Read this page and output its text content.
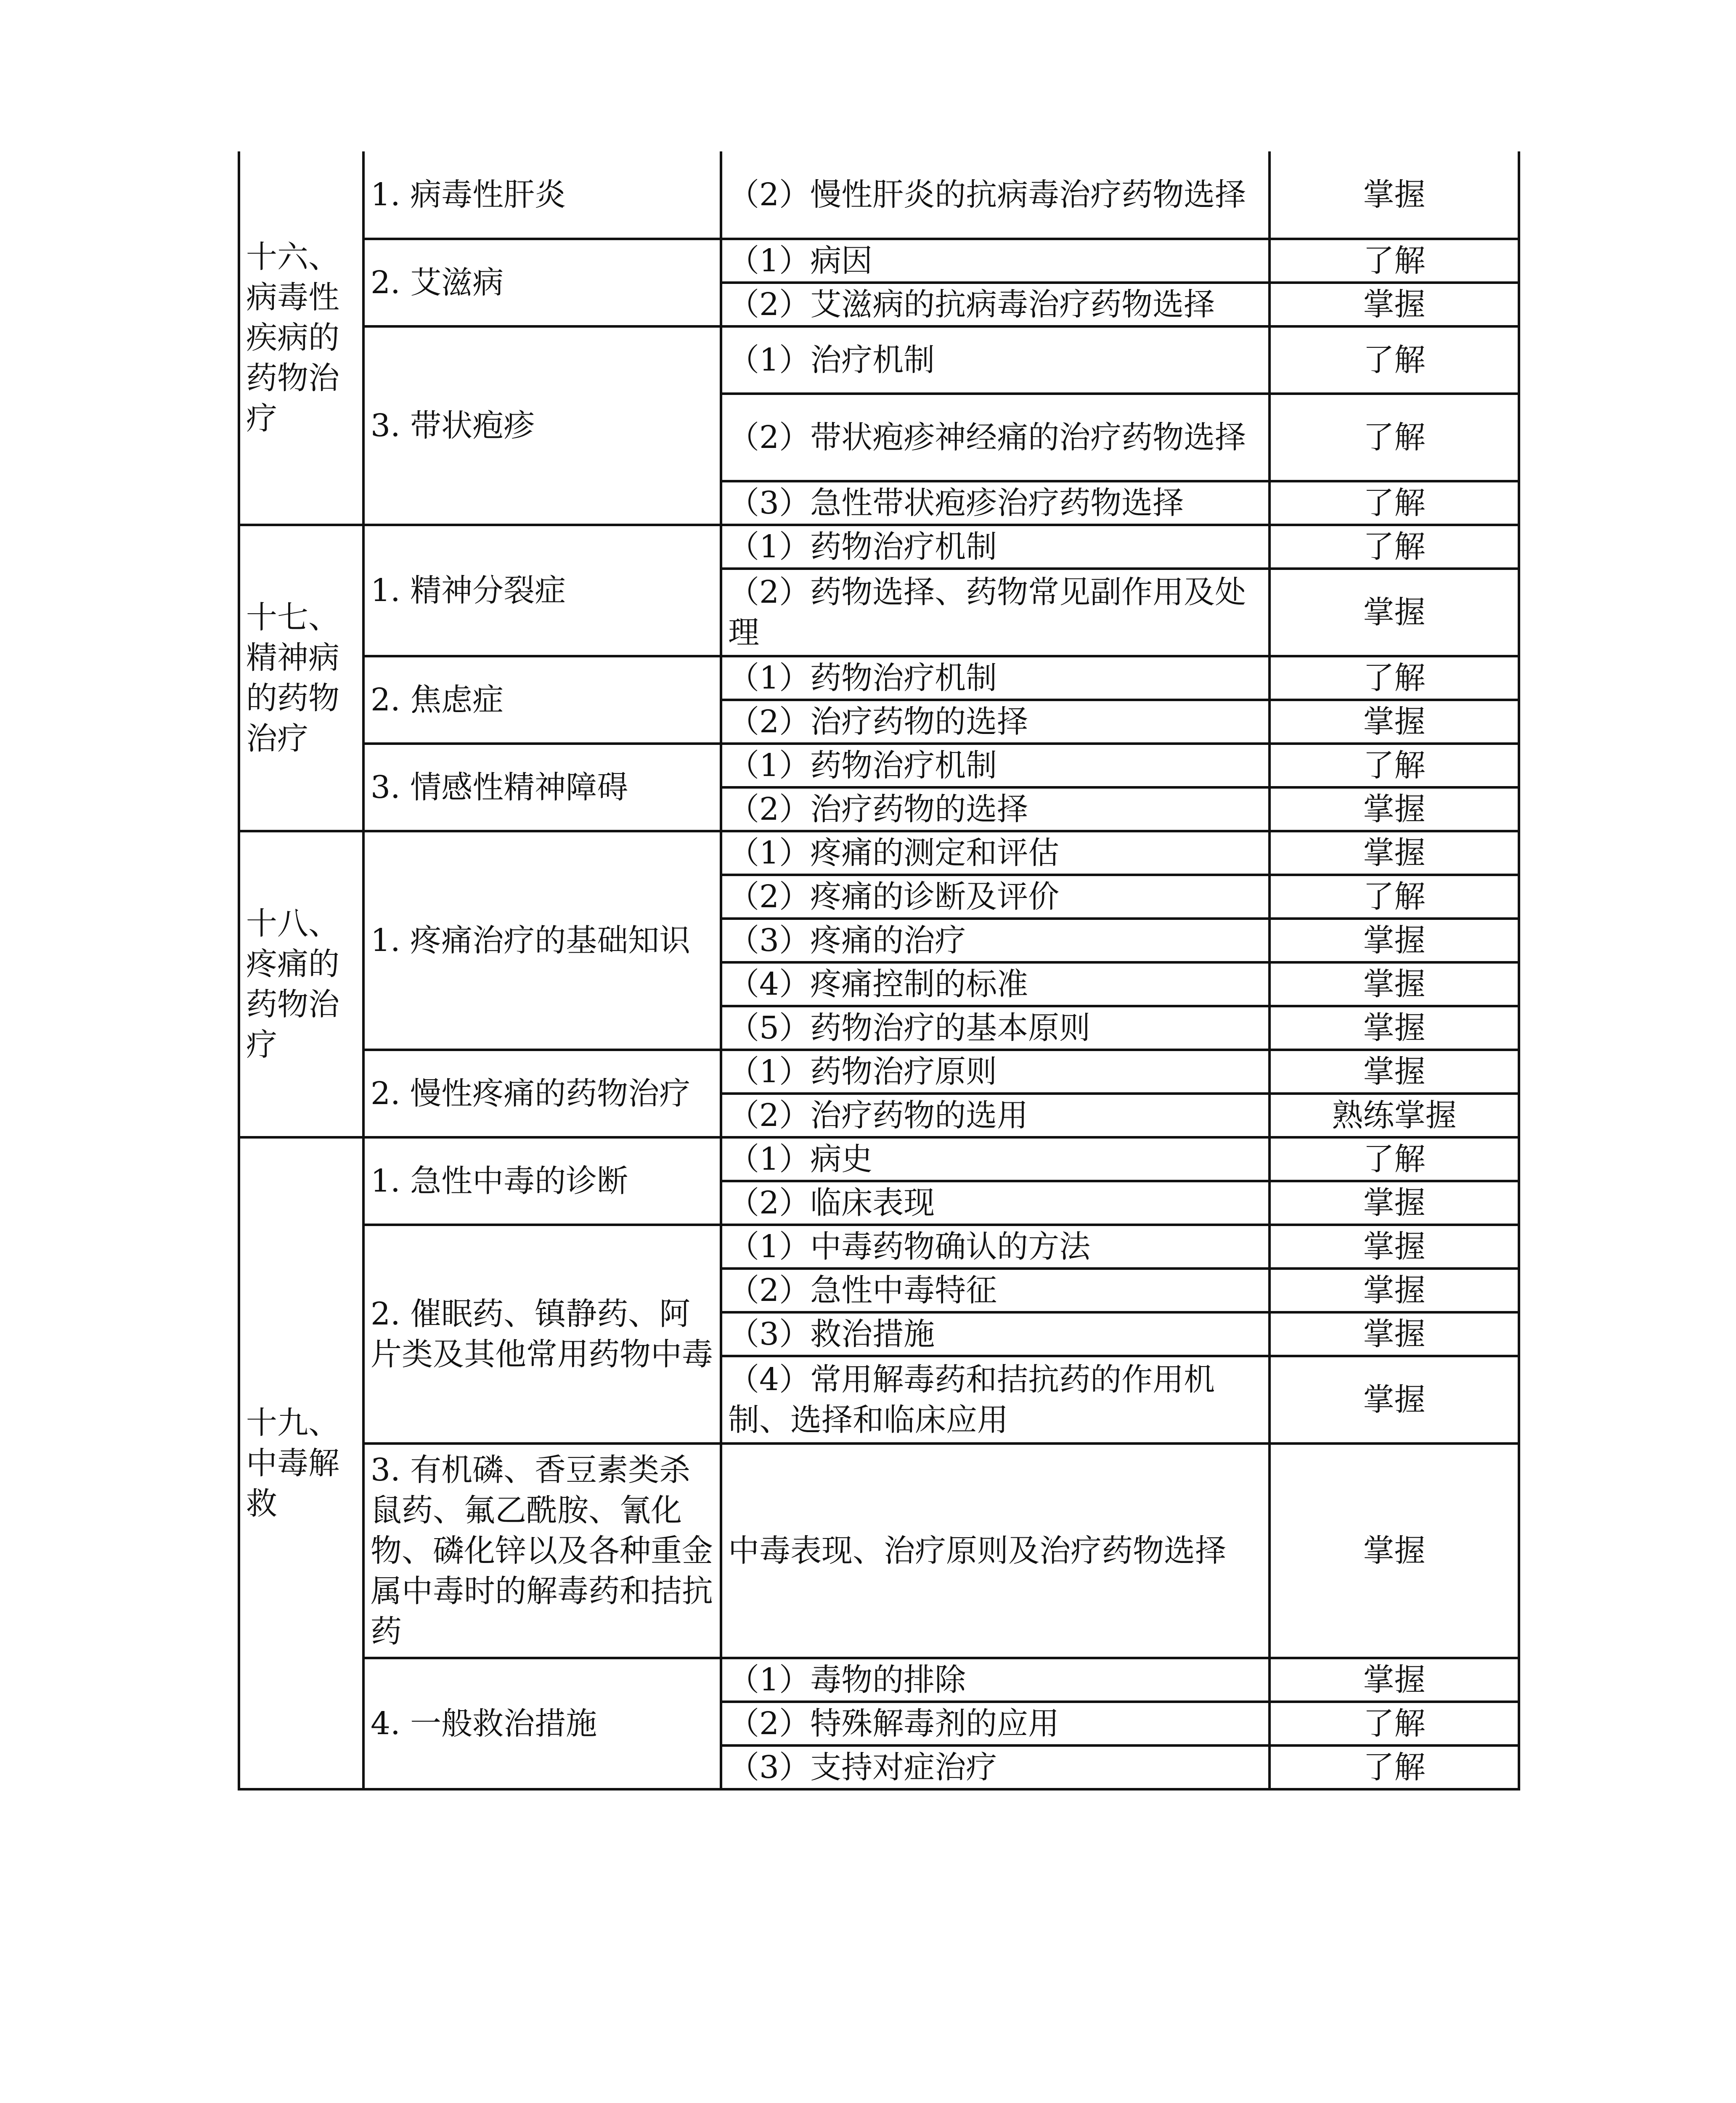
十六、病毒性疾病的药物治疗	1. 病毒性肝炎	（2）慢性肝炎的抗病毒治疗药物选择	掌握
	2. 艾滋病	（1）病因	了解
		（2）艾滋病的抗病毒治疗药物选择	掌握
	3. 带状疱疹	（1）治疗机制	了解
		（2）带状疱疹神经痛的治疗药物选择	了解
		（3）急性带状疱疹治疗药物选择	了解
十七、精神病的药物治疗	1. 精神分裂症	（1）药物治疗机制	了解
		（2）药物选择、药物常见副作用及处理	掌握
	2. 焦虑症	（1）药物治疗机制	了解
		（2）治疗药物的选择	掌握
	3. 情感性精神障碍	（1）药物治疗机制	了解
		（2）治疗药物的选择	掌握
十八、疼痛的药物治疗	1. 疼痛治疗的基础知识	（1）疼痛的测定和评估	掌握
		（2）疼痛的诊断及评价	了解
		（3）疼痛的治疗	掌握
		（4）疼痛控制的标准	掌握
		（5）药物治疗的基本原则	掌握
	2. 慢性疼痛的药物治疗	（1）药物治疗原则	掌握
		（2）治疗药物的选用	熟练掌握
十九、中毒解救	1. 急性中毒的诊断	（1）病史	了解
		（2）临床表现	掌握
	2. 催眠药、镇静药、阿片类及其他常用药物中毒	（1）中毒药物确认的方法	掌握
		（2）急性中毒特征	掌握
		（3）救治措施	掌握
		（4）常用解毒药和拮抗药的作用机制、选择和临床应用	掌握
	3. 有机磷、香豆素类杀鼠药、氟乙酰胺、氰化物、磷化锌以及各种重金属中毒时的解毒药和拮抗药	中毒表现、治疗原则及治疗药物选择	掌握
	4. 一般救治措施	（1）毒物的排除	掌握
		（2）特殊解毒剂的应用	了解
		（3）支持对症治疗	了解
